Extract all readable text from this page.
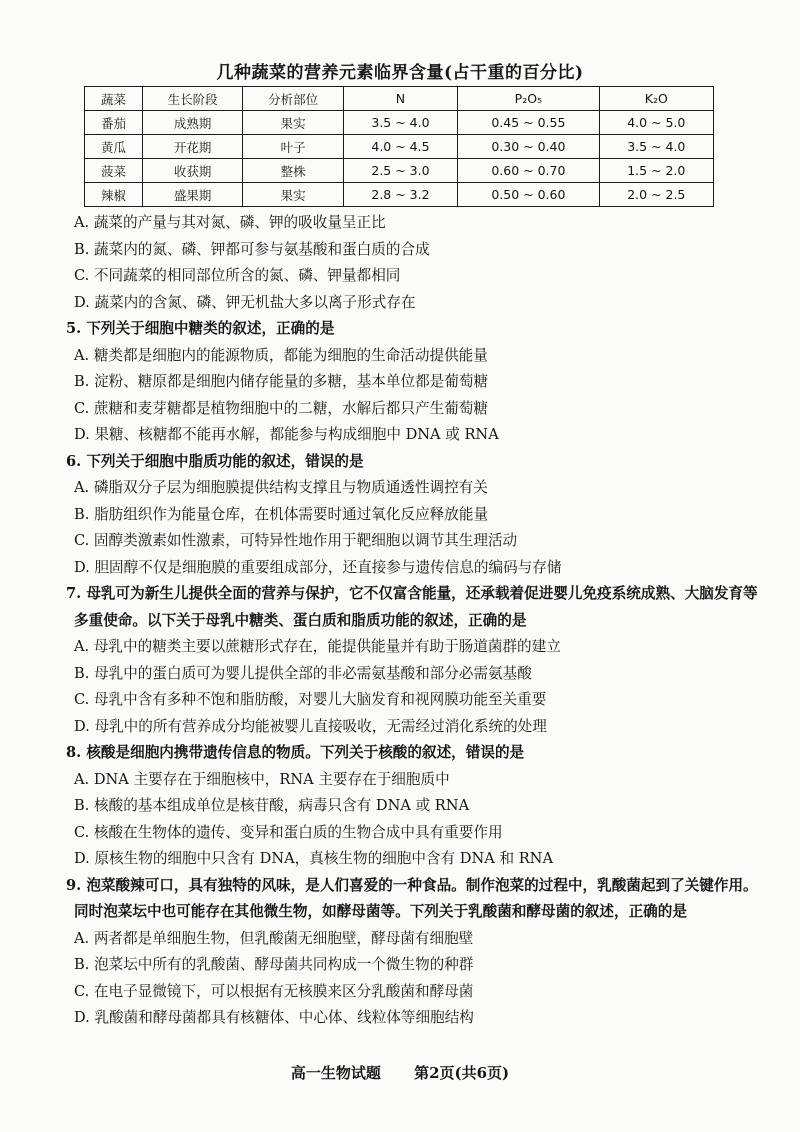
几种蔬菜的营养元素临界含量(占干重的百分比)
蔬菜	生长阶段	分析部位	N	P₂O₅	K₂O
番茄	成熟期	果实	3.5 ~ 4.0	0.45 ~ 0.55	4.0 ~ 5.0
黄瓜	开花期	叶子	4.0 ~ 4.5	0.30 ~ 0.40	3.5 ~ 4.0
菠菜	收获期	整株	2.5 ~ 3.0	0.60 ~ 0.70	1.5 ~ 2.0
辣椒	盛果期	果实	2.8 ~ 3.2	0.50 ~ 0.60	2.0 ~ 2.5

A. 蔬菜的产量与其对氮、磷、钾的吸收量呈正比

B. 蔬菜内的氮、磷、钾都可参与氨基酸和蛋白质的合成

C. 不同蔬菜的相同部位所含的氮、磷、钾量都相同

D. 蔬菜内的含氮、磷、钾无机盐大多以离子形式存在

5. 下列关于细胞中糖类的叙述，正确的是

A. 糖类都是细胞内的能源物质，都能为细胞的生命活动提供能量

B. 淀粉、糖原都是细胞内储存能量的多糖，基本单位都是葡萄糖

C. 蔗糖和麦芽糖都是植物细胞中的二糖，水解后都只产生葡萄糖

D. 果糖、核糖都不能再水解，都能参与构成细胞中 DNA 或 RNA

6. 下列关于细胞中脂质功能的叙述，错误的是

A. 磷脂双分子层为细胞膜提供结构支撑且与物质通透性调控有关

B. 脂肪组织作为能量仓库，在机体需要时通过氧化反应释放能量

C. 固醇类激素如性激素，可特异性地作用于靶细胞以调节其生理活动

D. 胆固醇不仅是细胞膜的重要组成部分，还直接参与遗传信息的编码与存储

7. 母乳可为新生儿提供全面的营养与保护，它不仅富含能量，还承载着促进婴儿免疫系统成熟、大脑发育等多重使命。以下关于母乳中糖类、蛋白质和脂质功能的叙述，正确的是

A. 母乳中的糖类主要以蔗糖形式存在，能提供能量并有助于肠道菌群的建立

B. 母乳中的蛋白质可为婴儿提供全部的非必需氨基酸和部分必需氨基酸

C. 母乳中含有多种不饱和脂肪酸，对婴儿大脑发育和视网膜功能至关重要

D. 母乳中的所有营养成分均能被婴儿直接吸收，无需经过消化系统的处理

8. 核酸是细胞内携带遗传信息的物质。下列关于核酸的叙述，错误的是

A. DNA 主要存在于细胞核中，RNA 主要存在于细胞质中

B. 核酸的基本组成单位是核苷酸，病毒只含有 DNA 或 RNA

C. 核酸在生物体的遗传、变异和蛋白质的生物合成中具有重要作用

D. 原核生物的细胞中只含有 DNA，真核生物的细胞中含有 DNA 和 RNA

9. 泡菜酸辣可口，具有独特的风味，是人们喜爱的一种食品。制作泡菜的过程中，乳酸菌起到了关键作用。同时泡菜坛中也可能存在其他微生物，如酵母菌等。下列关于乳酸菌和酵母菌的叙述，正确的是

A. 两者都是单细胞生物，但乳酸菌无细胞壁，酵母菌有细胞壁

B. 泡菜坛中所有的乳酸菌、酵母菌共同构成一个微生物的种群

C. 在电子显微镜下，可以根据有无核膜来区分乳酸菌和酵母菌

D. 乳酸菌和酵母菌都具有核糖体、中心体、线粒体等细胞结构

高一生物试题 第2页(共6页)
